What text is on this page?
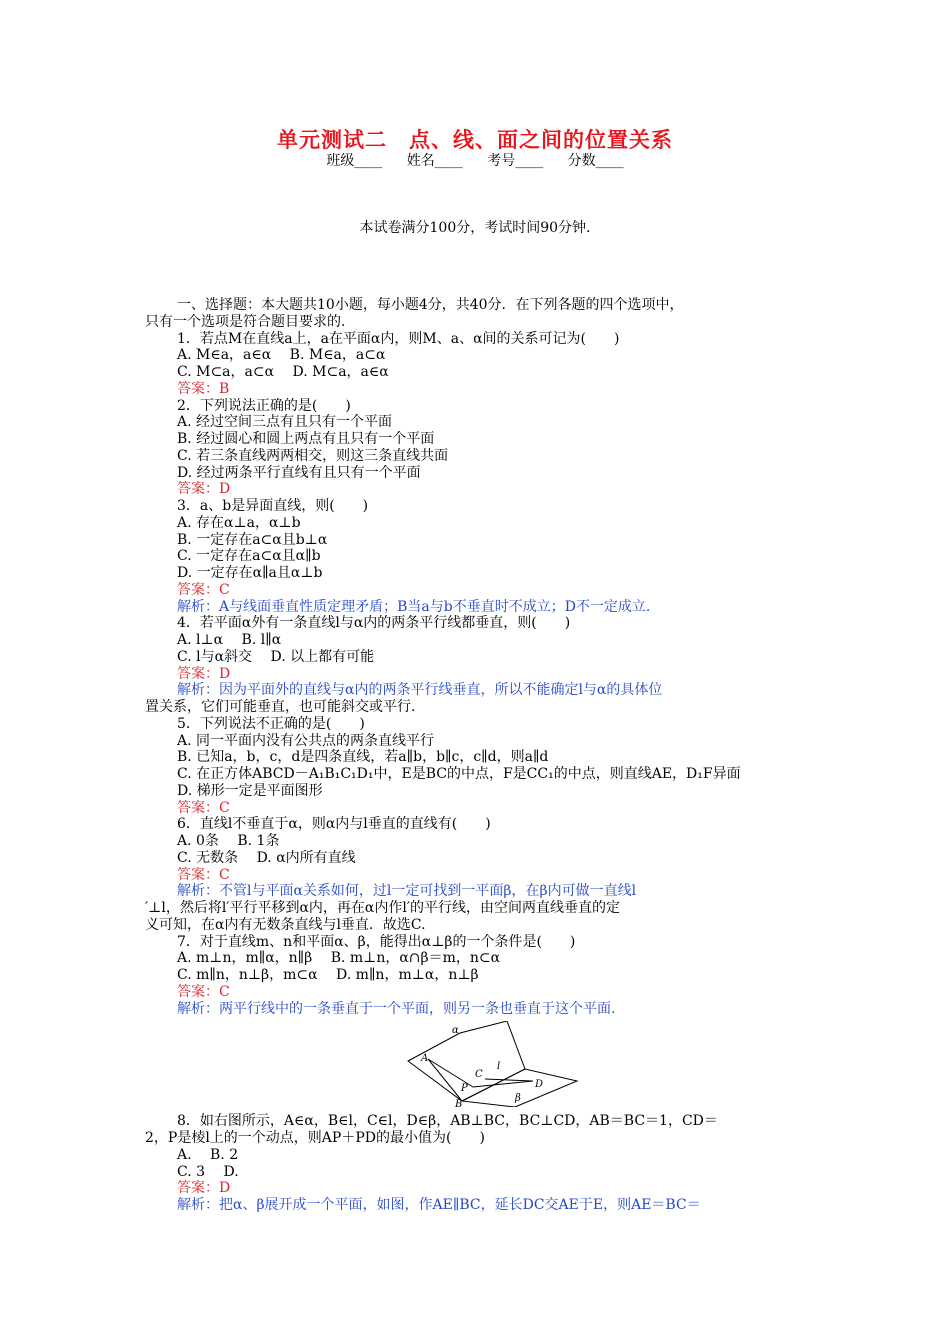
单元测试二　点、线、面之间的位置关系
班级____ 姓名____ 考号____ 分数____
本试卷满分100分，考试时间90分钟.
一、选择题：本大题共10小题，每小题4分，共40分．在下列各题的四个选项中，
只有一个选项是符合题目要求的.
1．若点M在直线a上，a在平面α内，则M、a、α间的关系可记为(　　)
A. M∈a，a∈α　 B. M∈a，a⊂α
C. M⊂a，a⊂α　 D. M⊂a，a∈α
答案：B
2．下列说法正确的是(　　)
A. 经过空间三点有且只有一个平面
B. 经过圆心和圆上两点有且只有一个平面
C. 若三条直线两两相交，则这三条直线共面
D. 经过两条平行直线有且只有一个平面
答案：D
3．a、b是异面直线，则(　　)
A. 存在α⊥a，α⊥b
B. 一定存在a⊂α且b⊥α
C. 一定存在a⊂α且α∥b
D. 一定存在α∥a且α⊥b
答案：C
解析：A与线面垂直性质定理矛盾；B当a与b不垂直时不成立；D不一定成立.
4．若平面α外有一条直线l与α内的两条平行线都垂直，则(　　)
A. l⊥α　 B. l∥α
C. l与α斜交　 D. 以上都有可能
答案：D
解析：因为平面外的直线与α内的两条平行线垂直，所以不能确定l与α的具体位
置关系，它们可能垂直，也可能斜交或平行.
5．下列说法不正确的是(　　)
A. 同一平面内没有公共点的两条直线平行
B. 已知a，b，c，d是四条直线，若a∥b，b∥c，c∥d，则a∥d
C. 在正方体ABCD－A₁B₁C₁D₁中，E是BC的中点，F是CC₁的中点，则直线AE，D₁F异面
D. 梯形一定是平面图形
答案：C
6．直线l不垂直于α，则α内与l垂直的直线有(　　)
A. 0条　 B. 1条
C. 无数条　 D. α内所有直线
答案：C
解析：不管l与平面α关系如何，过l一定可找到一平面β，在β内可做一直线l
′⊥l，然后将l′平行平移到α内，再在α内作l′的平行线，由空间两直线垂直的定
义可知，在α内有无数条直线与l垂直．故选C.
7．对于直线m、n和平面α、β，能得出α⊥β的一个条件是(　　)
A. m⊥n，m∥α，n∥β　 B. m⊥n，α∩β＝m，n⊂α
C. m∥n，n⊥β，m⊂α　 D. m∥n，m⊥α，n⊥β
答案：C
解析：两平行线中的一条垂直于一个平面，则另一条也垂直于这个平面.
α
A
l
C
P	D
B
β
8．如右图所示，A∈α，B∈l，C∈l，D∈β，AB⊥BC，BC⊥CD，AB＝BC＝1，CD＝
2，P是棱l上的一个动点，则AP＋PD的最小值为(　　)
A.　 B. 2
C. 3　 D.
答案：D
解析：把α、β展开成一个平面，如图，作AE∥BC，延长DC交AE于E，则AE＝BC＝
